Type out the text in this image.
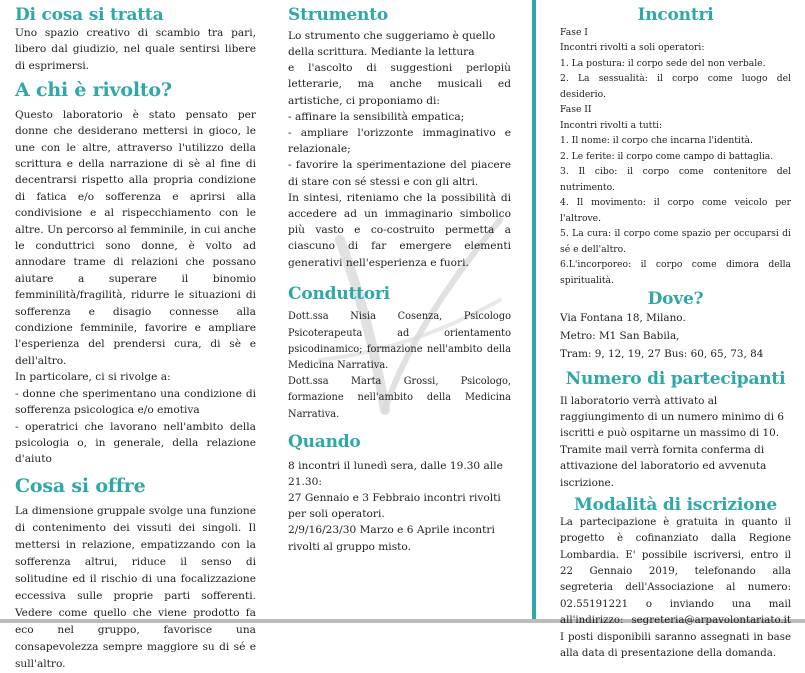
Di cosa si tratta

Uno spazio creativo di scambio tra pari, libero dal giudizio, nel quale sentirsi libere di esprimersi.

A chi è rivolto?

Questo laboratorio è stato pensato per donne che desiderano mettersi in gioco, le une con le altre, attraverso l'utilizzo della scrittura e della narrazione di sè al fine di decentrarsi rispetto alla propria condizione di fatica e/o sofferenza e aprirsi alla condivisione e al rispecchiamento con le altre. Un percorso al femminile, in cui anche le conduttrici sono donne, è volto ad annodare trame di relazioni che possano aiutare a superare il binomio femminilità/fragilità, ridurre le situazioni di sofferenza e disagio connesse alla condizione femminile, favorire e ampliare l'esperienza del prendersi cura, di sè e dell'altro.

In particolare, ci si rivolge a:

- donne che sperimentano una condizione di sofferenza psicologica e/o emotiva

- operatrici che lavorano nell'ambito della psicologia o, in generale, della relazione d'aiuto

Cosa si offre

La dimensione gruppale svolge una funzione di contenimento dei vissuti dei singoli. Il mettersi in relazione, empatizzando con la sofferenza altrui, riduce il senso di solitudine ed il rischio di una focalizzazione eccessiva sulle proprie parti sofferenti. Vedere come quello che viene prodotto fa eco nel gruppo, favorisce una consapevolezza sempre maggiore su di sé e sull'altro.

Strumento

Lo strumento che suggeriamo è quello della scrittura. Mediante la lettura

e l'ascolto di suggestioni perlopiù letterarie, ma anche musicali ed artistiche, ci proponiamo di:

- affinare la sensibilità empatica;

- ampliare l'orizzonte immaginativo e relazionale;

- favorire la sperimentazione del piacere di stare con sé stessi e con gli altri.

In sintesi, riteniamo che la possibilità di accedere ad un immaginario simbolico più vasto e co-costruito permetta a ciascuno di far emergere elementi generativi nell'esperienza e fuori.

Conduttori

Dott.ssa Nisia Cosenza, Psicologo Psicoterapeuta ad orientamento psicodinamico; formazione nell'ambito della Medicina Narrativa.

Dott.ssa Marta Grossi, Psicologo, formazione nell'ambito della Medicina Narrativa.

Quando

8 incontri il lunedì sera, dalle 19.30 alle 21.30:

27 Gennaio e 3 Febbraio incontri rivolti per soli operatori.

2/9/16/23/30 Marzo e 6 Aprile incontri rivolti al gruppo misto.

Incontri

Fase I

Incontri rivolti a soli operatori:

1. La postura: il corpo sede del non verbale.

2. La sessualità: il corpo come luogo del desiderio.

Fase II

Incontri rivolti a tutti:

1. Il nome: il corpo che incarna l'identità.

2. Le ferite: il corpo come campo di battaglia.

3. Il cibo: il corpo come contenitore del nutrimento.

4. Il movimento: il corpo come veicolo per l'altrove.

5. La cura: il corpo come spazio per occuparsi di sé e dell'altro.

6.L'incorporeo: il corpo come dimora della spiritualità.

Dove?

Via Fontana 18, Milano.

Metro: M1 San Babila,

Tram: 9, 12, 19, 27 Bus: 60, 65, 73, 84

Numero di partecipanti

Il laboratorio verrà attivato al raggiungimento di un numero minimo di 6 iscritti e può ospitarne un massimo di 10. Tramite mail verrà fornita conferma di attivazione del laboratorio ed avvenuta iscrizione.

Modalità di iscrizione

La partecipazione è gratuita in quanto il progetto è cofinanziato dalla Regione Lombardia. E' possibile iscriversi, entro il 22 Gennaio 2019, telefonando alla segreteria dell'Associazione al numero: 02.55191221 o inviando una mail all'indirizzo: segreteria@arpavolontariato.it I posti disponibili saranno assegnati in base alla data di presentazione della domanda.
